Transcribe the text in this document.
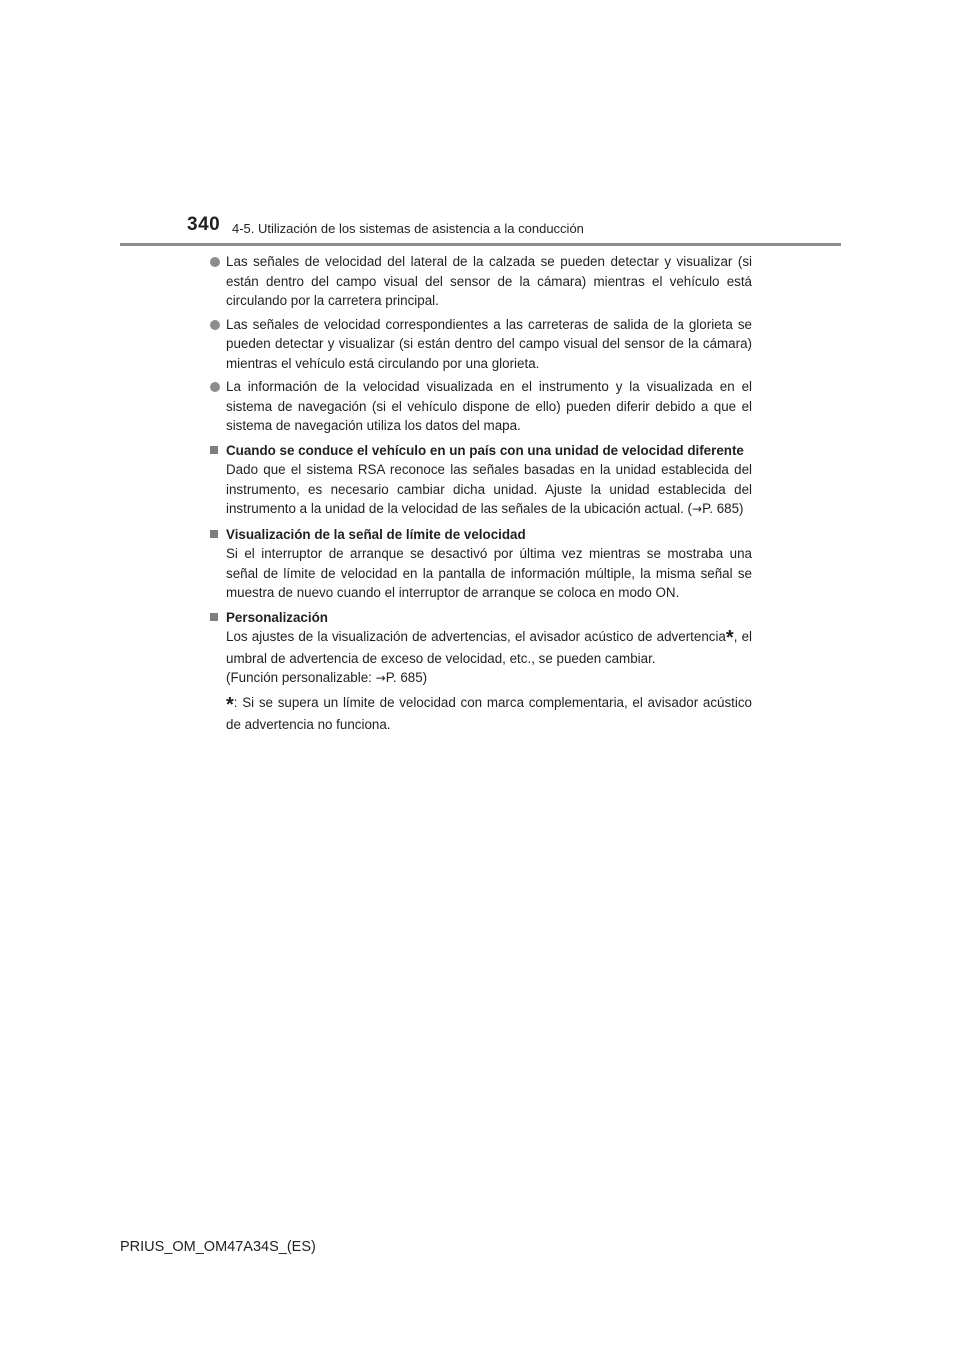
340 4-5. Utilización de los sistemas de asistencia a la conducción
Las señales de velocidad del lateral de la calzada se pueden detectar y visualizar (si están dentro del campo visual del sensor de la cámara) mientras el vehículo está circulando por la carretera principal.
Las señales de velocidad correspondientes a las carreteras de salida de la glorieta se pueden detectar y visualizar (si están dentro del campo visual del sensor de la cámara) mientras el vehículo está circulando por una glorieta.
La información de la velocidad visualizada en el instrumento y la visualizada en el sistema de navegación (si el vehículo dispone de ello) pueden diferir debido a que el sistema de navegación utiliza los datos del mapa.
Cuando se conduce el vehículo en un país con una unidad de velocidad diferente
Dado que el sistema RSA reconoce las señales basadas en la unidad establecida del instrumento, es necesario cambiar dicha unidad. Ajuste la unidad establecida del instrumento a la unidad de la velocidad de las señales de la ubicación actual. (→P. 685)
Visualización de la señal de límite de velocidad
Si el interruptor de arranque se desactivó por última vez mientras se mostraba una señal de límite de velocidad en la pantalla de información múltiple, la misma señal se muestra de nuevo cuando el interruptor de arranque se coloca en modo ON.
Personalización
Los ajustes de la visualización de advertencias, el avisador acústico de advertencia*, el umbral de advertencia de exceso de velocidad, etc., se pueden cambiar.
(Función personalizable: →P. 685)
*: Si se supera un límite de velocidad con marca complementaria, el avisador acústico de advertencia no funciona.
PRIUS_OM_OM47A34S_(ES)
